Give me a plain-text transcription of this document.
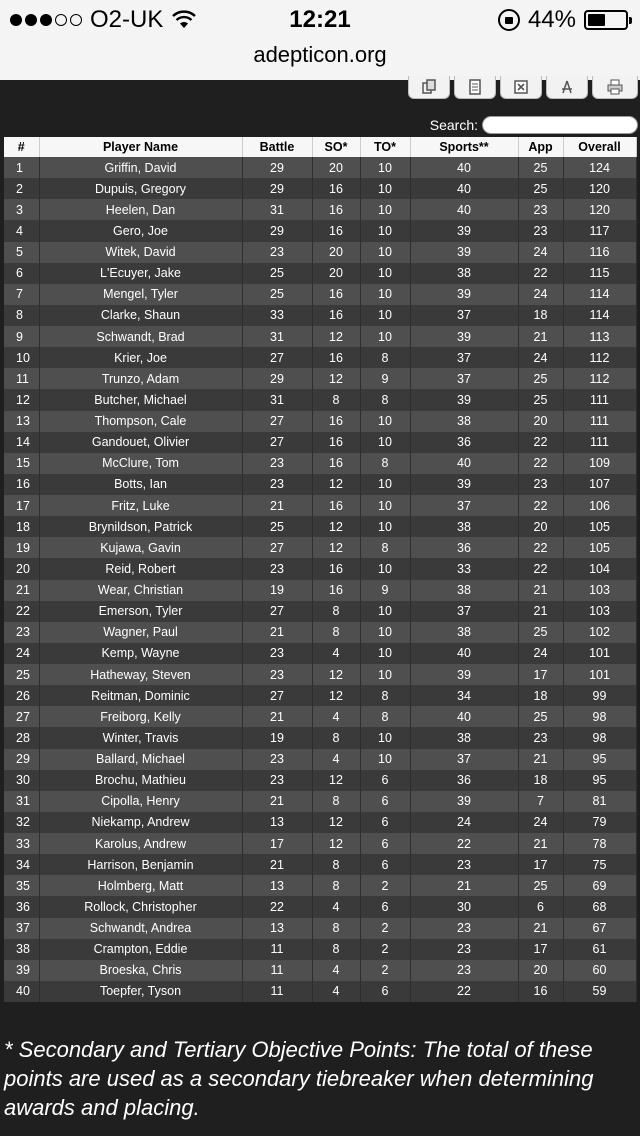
O2-UK	12:21	44%
adepticon.org
Search:
#	Player Name	Battle	SO*	TO*	Sports**	App	Overall
1	Griffin, David	29	20	10	40	25	124
2	Dupuis, Gregory	29	16	10	40	25	120
3	Heelen, Dan	31	16	10	40	23	120
4	Gero, Joe	29	16	10	39	23	117
5	Witek, David	23	20	10	39	24	116
6	L'Ecuyer, Jake	25	20	10	38	22	115
7	Mengel, Tyler	25	16	10	39	24	114
8	Clarke, Shaun	33	16	10	37	18	114
9	Schwandt, Brad	31	12	10	39	21	113
10	Krier, Joe	27	16	8	37	24	112
11	Trunzo, Adam	29	12	9	37	25	112
12	Butcher, Michael	31	8	8	39	25	111
13	Thompson, Cale	27	16	10	38	20	111
14	Gandouet, Olivier	27	16	10	36	22	111
15	McClure, Tom	23	16	8	40	22	109
16	Botts, Ian	23	12	10	39	23	107
17	Fritz, Luke	21	16	10	37	22	106
18	Brynildson, Patrick	25	12	10	38	20	105
19	Kujawa, Gavin	27	12	8	36	22	105
20	Reid, Robert	23	16	10	33	22	104
21	Wear, Christian	19	16	9	38	21	103
22	Emerson, Tyler	27	8	10	37	21	103
23	Wagner, Paul	21	8	10	38	25	102
24	Kemp, Wayne	23	4	10	40	24	101
25	Hatheway, Steven	23	12	10	39	17	101
26	Reitman, Dominic	27	12	8	34	18	99
27	Freiborg, Kelly	21	4	8	40	25	98
28	Winter, Travis	19	8	10	38	23	98
29	Ballard, Michael	23	4	10	37	21	95
30	Brochu, Mathieu	23	12	6	36	18	95
31	Cipolla, Henry	21	8	6	39	7	81
32	Niekamp, Andrew	13	12	6	24	24	79
33	Karolus, Andrew	17	12	6	22	21	78
34	Harrison, Benjamin	21	8	6	23	17	75
35	Holmberg, Matt	13	8	2	21	25	69
36	Rollock, Christopher	22	4	6	30	6	68
37	Schwandt, Andrea	13	8	2	23	21	67
38	Crampton, Eddie	11	8	2	23	17	61
39	Broeska, Chris	11	4	2	23	20	60
40	Toepfer, Tyson	11	4	6	22	16	59
* Secondary and Tertiary Objective Points: The total of these points are used as a secondary tiebreaker when determining awards and placing.
